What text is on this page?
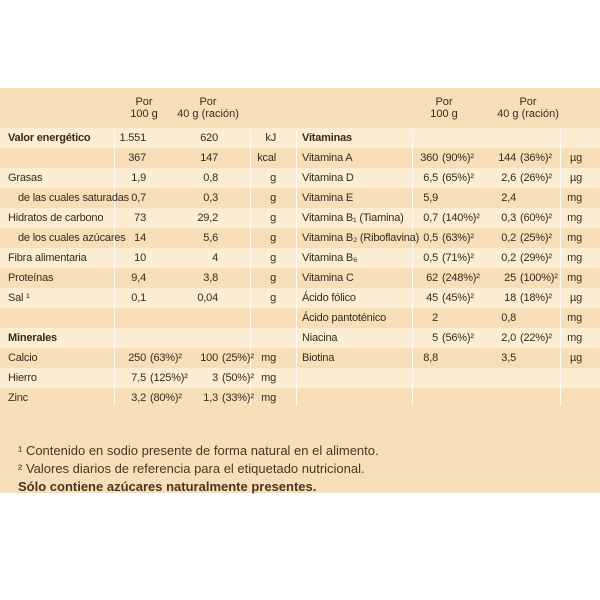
Por
100 g
Por
40 g (ración)
Por
100 g
Por
40 g (ración)
Valor energético	1.551	620	kJ
367	147	kcal
Grasas	1,9	0,8	g
de las cuales saturadas 0,7	0,3	g
Hidratos de carbono	73	29,2	g
de los cuales azúcares 14	5,6	g
Fibra alimentaria	10	4	g
Proteínas	9,4	3,8	g
Sal ¹	0,1	0,04	g
Minerales
Calcio	250 (63%)²	100 (25%)² mg
Hierro	7,5 (125%)²	3 (50%)² mg
Zinc	3,2 (80%)²	1,3 (33%)² mg
Vitaminas
Vitamina A	360 (90%)²	144 (36%)²	µg
Vitamina D	6,5 (65%)²	2,6 (26%)²	µg
Vitamina E	5,9	2,4	mg
Vitamina B₁ (Tiamina)	0,7 (140%)²	0,3 (60%)²	mg
Vitamina B₂ (Riboflavina) 0,5 (63%)²	0,2 (25%)²	mg
Vitamina B₆	0,5 (71%)²	0,2 (29%)²	mg
Vitamina C	62 (248%)²	25 (100%)² mg
Ácido fólico	45 (45%)²	18 (18%)²	µg
Ácido pantoténico	2	0,8	mg
Niacina	5 (56%)²	2,0 (22%)²	mg
Biotina	8,8	3,5	µg
¹ Contenido en sodio presente de forma natural en el alimento.
² Valores diarios de referencia para el etiquetado nutricional.
Sólo contiene azúcares naturalmente presentes.
